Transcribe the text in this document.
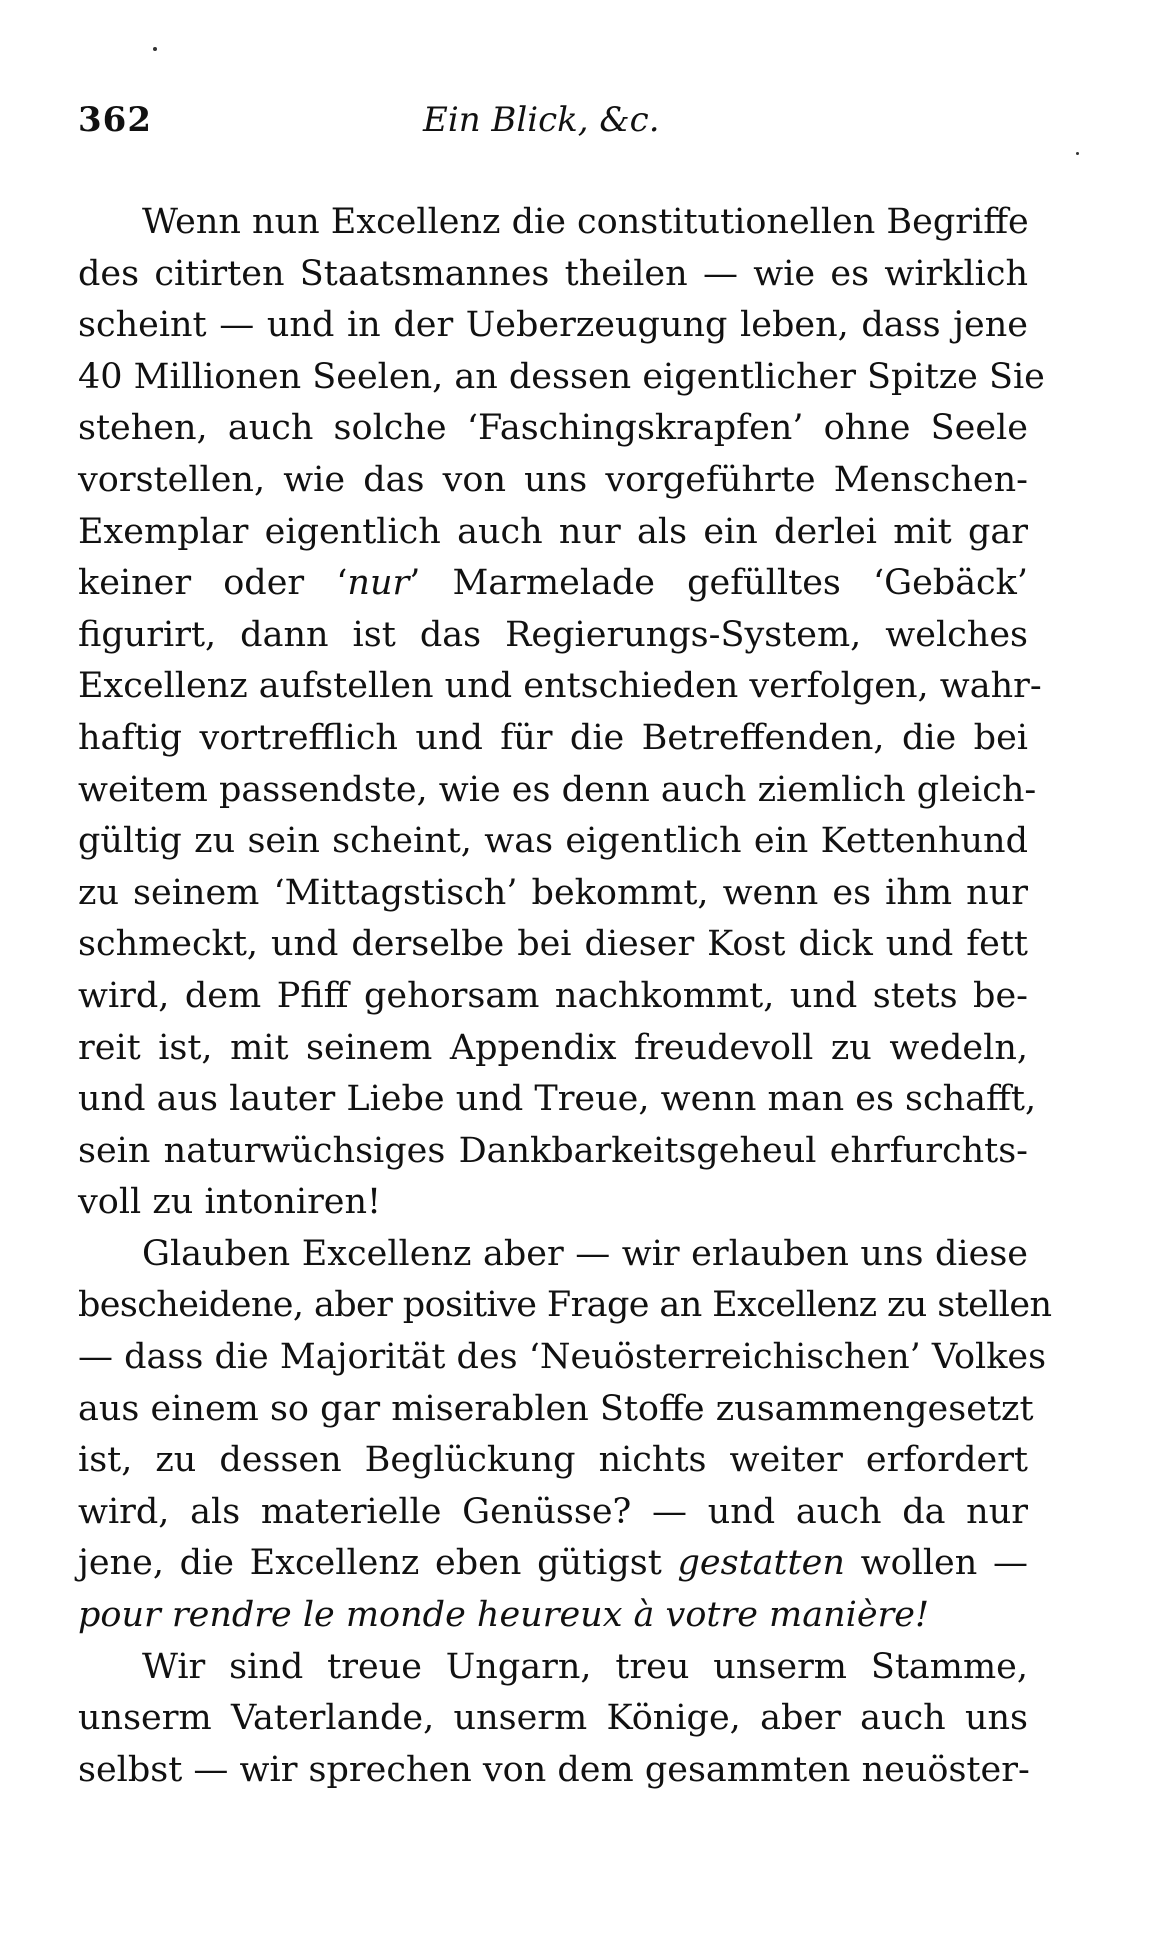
362	Ein Blick, &c.
Wenn nun Excellenz die constitutionellen Begriffe
des citirten Staatsmannes theilen — wie es wirklich
scheint — und in der Ueberzeugung leben, dass jene
40 Millionen Seelen, an dessen eigentlicher Spitze Sie
stehen, auch solche ‘Faschingskrapfen’ ohne Seele
vorstellen, wie das von uns vorgeführte Menschen-
Exemplar eigentlich auch nur als ein derlei mit gar
keiner oder ‘nur’ Marmelade gefülltes ‘Gebäck’
figurirt, dann ist das Regierungs-System, welches
Excellenz aufstellen und entschieden verfolgen, wahr-
haftig vortrefflich und für die Betreffenden, die bei
weitem passendste, wie es denn auch ziemlich gleich-
gültig zu sein scheint, was eigentlich ein Kettenhund
zu seinem ‘Mittagstisch’ bekommt, wenn es ihm nur
schmeckt, und derselbe bei dieser Kost dick und fett
wird, dem Pfiff gehorsam nachkommt, und stets be-
reit ist, mit seinem Appendix freudevoll zu wedeln,
und aus lauter Liebe und Treue, wenn man es schafft,
sein naturwüchsiges Dankbarkeitsgeheul ehrfurchts-
voll zu intoniren!
Glauben Excellenz aber — wir erlauben uns diese
bescheidene, aber positive Frage an Excellenz zu stellen
— dass die Majorität des ‘Neuösterreichischen’ Volkes
aus einem so gar miserablen Stoffe zusammengesetzt
ist, zu dessen Beglückung nichts weiter erfordert
wird, als materielle Genüsse? — und auch da nur
jene, die Excellenz eben gütigst gestatten wollen —
pour rendre le monde heureux à votre manière!
Wir sind treue Ungarn, treu unserm Stamme,
unserm Vaterlande, unserm Könige, aber auch uns
selbst — wir sprechen von dem gesammten neuöster-
